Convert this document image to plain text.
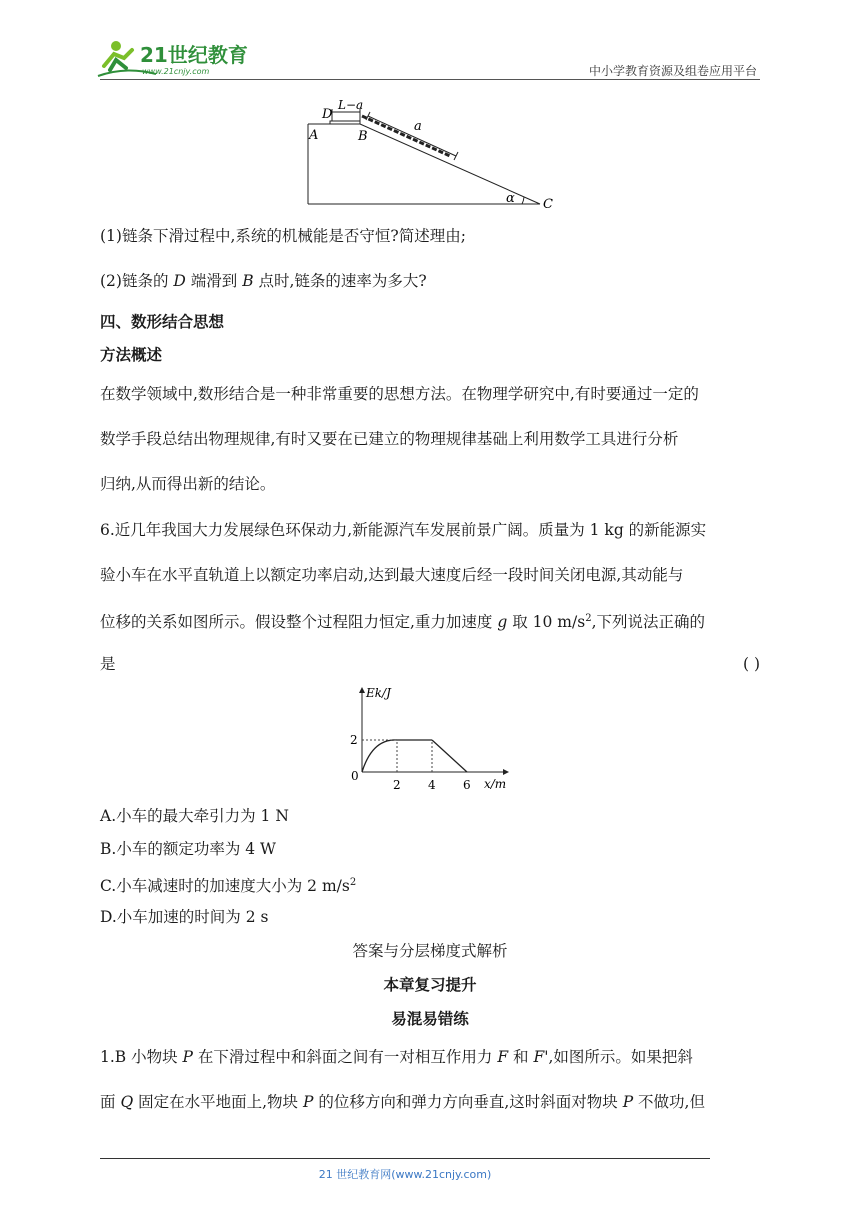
21世纪教育
www.21cnjy.com	中小学教育资源及组卷应用平台
D
A
L−a
B
a
α C
(1)链条下滑过程中,系统的机械能是否守恒?简述理由;
(2)链条的 D 端滑到 B 点时,链条的速率为多大?
四、数形结合思想
方法概述
在数学领域中,数形结合是一种非常重要的思想方法。在物理学研究中,有时要通过一定的
数学手段总结出物理规律,有时又要在已建立的物理规律基础上利用数学工具进行分析
归纳,从而得出新的结论。
6.近几年我国大力发展绿色环保动力,新能源汽车发展前景广阔。质量为 1 kg 的新能源实
验小车在水平直轨道上以额定功率启动,达到最大速度后经一段时间关闭电源,其动能与
位移的关系如图所示。假设整个过程阻力恒定,重力加速度 g 取 10 $m/s^2$,下列说法正确的
是	( )
Ek/J
x/m
0
2 4 6
2
A.小车的最大牵引力为 1 N
B.小车的额定功率为 4 W
C.小车减速时的加速度大小为 2 $m/s^2$
D.小车加速的时间为 2 s
答案与分层梯度式解析
本章复习提升
易混易错练
1.B 小物块 P 在下滑过程中和斜面之间有一对相互作用力 F 和 F',如图所示。如果把斜
面 Q 固定在水平地面上,物块 P 的位移方向和弹力方向垂直,这时斜面对物块 P 不做功,但
21 世纪教育网(www.21cnjy.com)
